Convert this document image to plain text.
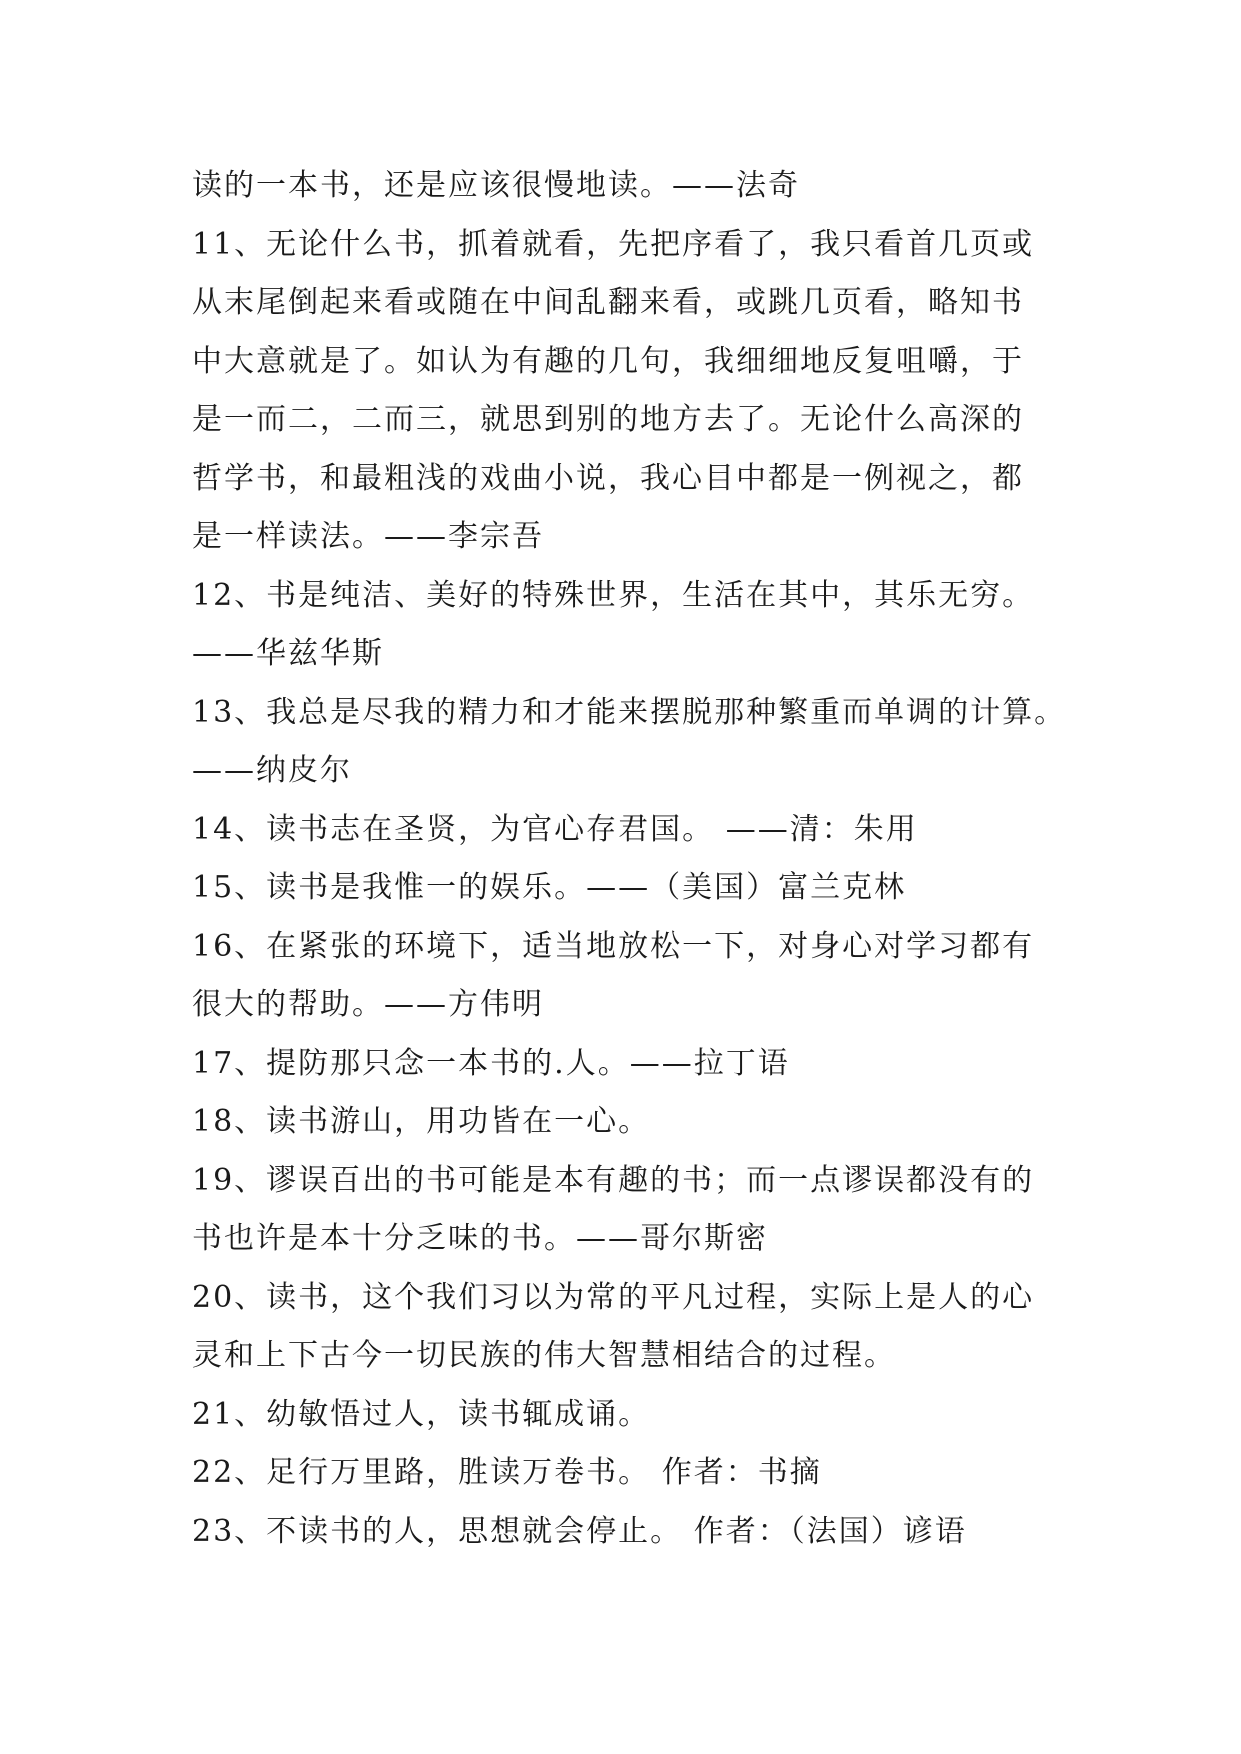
读的一本书，还是应该很慢地读。——法奇
11、无论什么书，抓着就看，先把序看了，我只看首几页或
从末尾倒起来看或随在中间乱翻来看，或跳几页看，略知书
中大意就是了。如认为有趣的几句，我细细地反复咀嚼，于
是一而二，二而三，就思到别的地方去了。无论什么高深的
哲学书，和最粗浅的戏曲小说，我心目中都是一例视之，都
是一样读法。——李宗吾
12、书是纯洁、美好的特殊世界，生活在其中，其乐无穷。
——华兹华斯
13、我总是尽我的精力和才能来摆脱那种繁重而单调的计算。
——纳皮尔
14、读书志在圣贤，为官心存君国。 ——清：朱用
15、读书是我惟一的娱乐。——（美国）富兰克林
16、在紧张的环境下，适当地放松一下，对身心对学习都有
很大的帮助。——方伟明
17、提防那只念一本书的.人。——拉丁语
18、读书游山，用功皆在一心。
19、谬误百出的书可能是本有趣的书；而一点谬误都没有的
书也许是本十分乏味的书。——哥尔斯密
20、读书，这个我们习以为常的平凡过程，实际上是人的心
灵和上下古今一切民族的伟大智慧相结合的过程。
21、幼敏悟过人，读书辄成诵。
22、足行万里路，胜读万卷书。 作者：书摘
23、不读书的人，思想就会停止。 作者：（法国）谚语
